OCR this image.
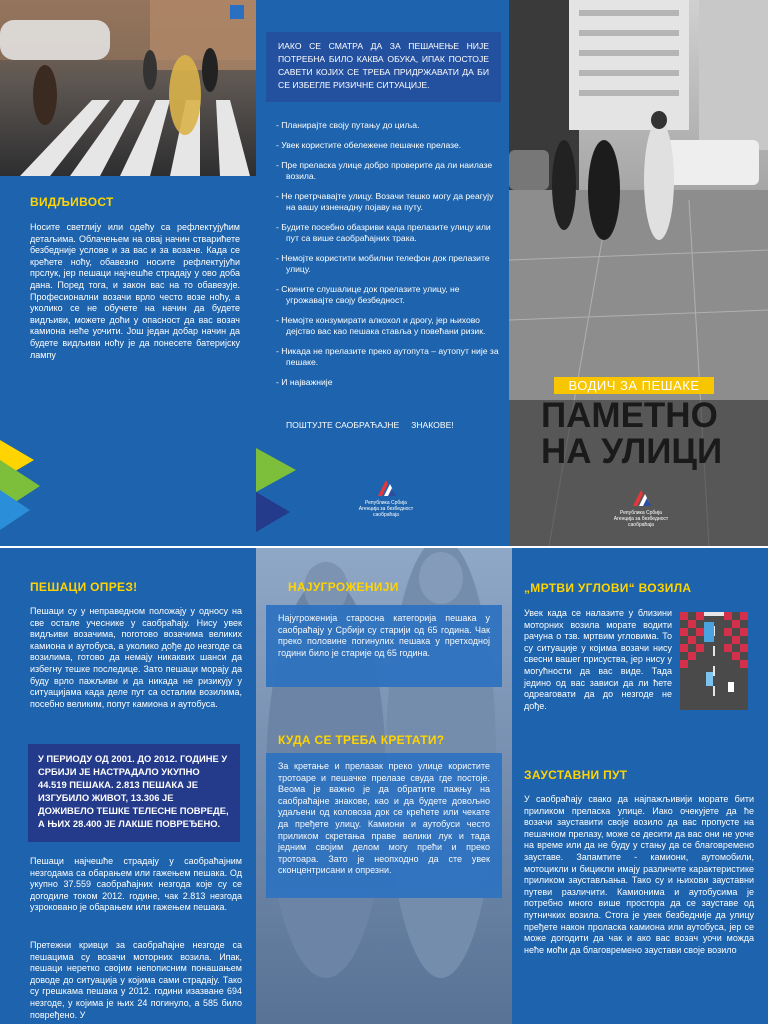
ВИДЉИВОСТ
Носите светлију или одећу са рефлектујућим детаљима. Облачењем на овај начин стварићете безбедније услове и за вас и за возаче. Када се крећете ноћу, обавезно носите рефлектујући прслук, јер пешаци најчешће страдају у ово доба дана. Поред тога, и закон вас на то обавезује. Професионални возачи врло често возе ноћу, а уколико се не обучете на начин да будете видљиви, можете доћи у опасност да вас возач камиона неће уочити. Још један добар начин да будете видљиви ноћу је да понесете батеријску лампу
ИАКО СЕ СМАТРА ДА ЗА ПЕШАЧЕЊЕ НИЈЕ ПОТРЕБНА БИЛО КАКВА ОБУКА, ИПАК ПОСТОЈЕ САВЕТИ КОЈИХ СЕ ТРЕБА ПРИДРЖАВАТИ ДА БИ СЕ ИЗБЕГЛЕ РИЗИЧНЕ СИТУАЦИЈЕ.
- Планирајте своју путању до циља.
- Увек користите обележене пешачке прелазе.
- Пре преласка улице добро проверите да ли наилазе возила.
- Не претрчавајте улицу. Возачи тешко могу да реагују на вашу изненадну појаву на путу.
- Будите посебно обазриви када прелазите улицу или пут са више саобраћајних трака.
- Немојте користити мобилни телефон док прелазите улицу.
- Скините слушалице док прелазите улицу, не угрожавајте своју безбедност.
- Немојте конзумирати алкохол и дрогу, јер њихово дејство вас као пешака ставља у повећани ризик.
- Никада не прелазите преко аутопута – аутопут није за пешаке.
- И најважније
ПОШТУЈТЕ САОБРАЋАЈНЕ     ЗНАКОВЕ!
Република Србија
Агенција за безбедност саобраћаја
ВОДИЧ ЗА ПЕШАКЕ
ПАМЕТНО
НА УЛИЦИ
Република Србија
Агенција за безбедност саобраћаја
ПЕШАЦИ ОПРЕЗ!
Пешаци су у неправедном положају у односу на све остале учеснике у саобраћају. Нису увек видљиви возачима, поготово возачима великих камиона и аутобуса, а уколико дође до незгоде са возилима, готово да немају никаквих шанси да избегну тешке последице. Зато пешаци морају да буду врло пажљиви и да никада не ризикују у ситуацијама када деле пут са осталим возилима, посебно великим, попут камиона и аутобуса.
У ПЕРИОДУ ОД 2001. ДО 2012. ГОДИНЕ У СРБИЈИ ЈЕ НАСТРАДАЛО УКУПНО 44.519 ПЕШАКА. 2.813 ПЕШАКА ЈЕ ИЗГУБИЛО ЖИВОТ, 13.306 ЈЕ ДОЖИВЕЛО ТЕШКЕ ТЕЛЕСНЕ ПОВРЕДЕ, А ЊИХ 28.400 ЈЕ ЛАКШЕ ПОВРЕЂЕНО.
Пешаци најчешће страдају у саобраћајним незгодама са обарањем или гажењем пешака. Од укупно 37.559 саобраћајних незгода које су се догодиле током 2012. године, чак 2.813 незгода узроковано је обарањем или гажењем пешака.
Претежни кривци за саобраћајне незгоде са пешацима су возачи моторних возила. Ипак, пешаци неретко својим непописним понашањем доводе до ситуација у којима сами страдају. Тако су грешкама пешака у 2012. години изазване 694 незгоде, у којима је њих 24 погинуло, а 585 било повређено. У
НАЈУГРОЖЕНИЈИ
Најугроженија старосна категорија пешака у саобраћају у Србији су старији од 65 година. Чак преко половине погинулих пешака у претходној години било је старије од 65 година.
КУДА СЕ ТРЕБА КРЕТАТИ?
За кретање и прелазак преко улице користите тротоаре и пешачке прелазе свуда где постоје. Веома је важно је да обратите пажњу на саобраћајне знакове, као и да будете довољно удаљени од коловоза док се крећете или чекате да пређете улицу. Камиони и аутобуси често приликом скретања праве велики лук и тада једним својим делом могу прећи и преко тротоара. Зато је неопходно да сте увек сконцентрисани и опрезни.
„МРТВИ УГЛОВИ“ ВОЗИЛА
Увек када се налазите у близини моторних возила морате водити рачуна о тзв. мртвим угловима. То су ситуације у којима возачи нису свесни вашег присуства, јер нису у могућности да вас виде. Тада једино од вас зависи да ли ћете одреаговати да до незгоде не дође.
ЗАУСТАВНИ ПУТ
У саобраћају свако да најпажљивији морате бити приликом преласка улице. Иако очекујете да ће возачи зауставити своје возило да вас пропусте на пешачком прелазу, може се десити да вас они не уоче на време или да не буду у стању да се благовремено зауставе. Запамтите - камиони, аутомобили, мотоцикли и бицикли имају различите карактеристике приликом заустављања. Тако су и њихови зауставни путеви различити. Камионима и аутобусима је потребно много више простора да се зауставе од путничких возила. Стога је увек безбедније да улицу пређете након проласка камиона или аутобуса, јер се може догодити да чак и ако вас возач уочи можда неће моћи да благовремено заустави своје возило
